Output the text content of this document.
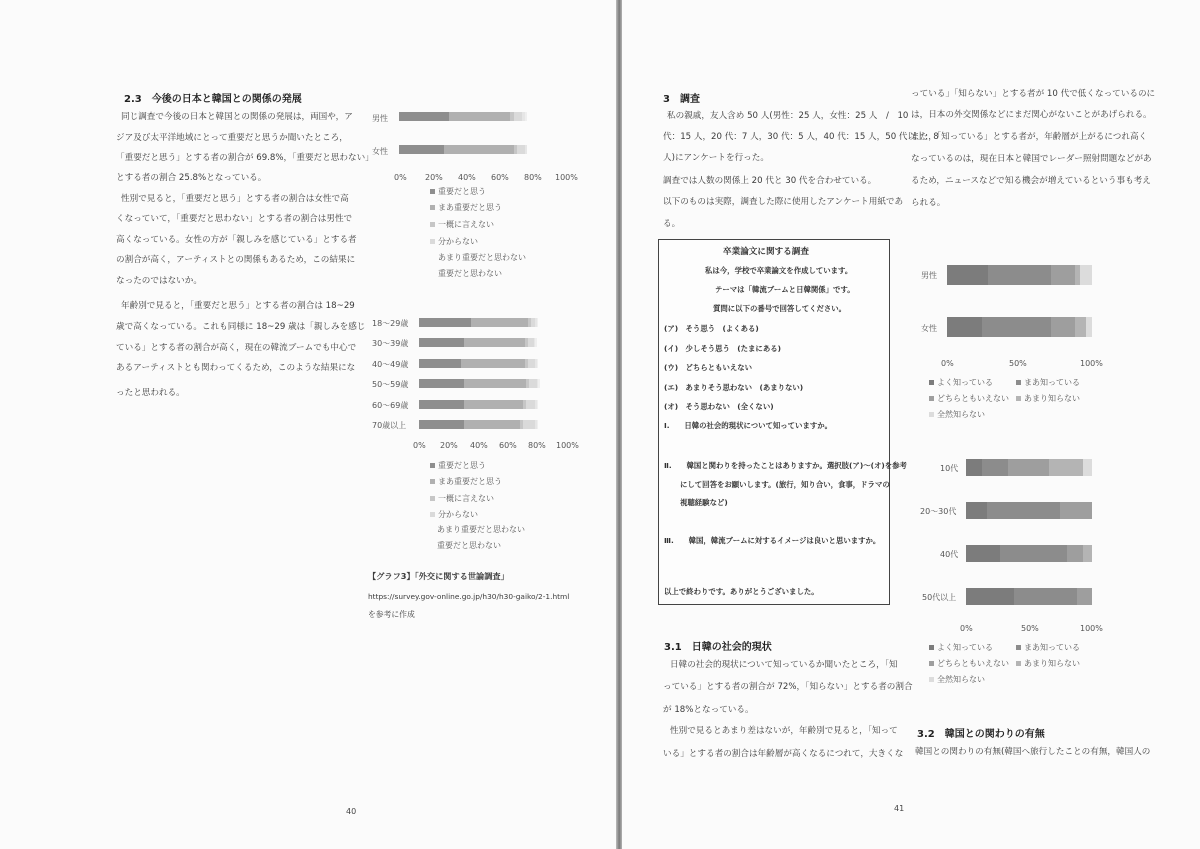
2.3　今後の日本と韓国との関係の発展
同じ調査で今後の日本と韓国との関係の発展は，両国や，ア
ジア及び太平洋地域にとって重要だと思うか聞いたところ，
「重要だと思う」とする者の割合が 69.8%，「重要だと思わない」
とする者の割合 25.8%となっている。
性別で見ると，「重要だと思う」とする者の割合は女性で高
くなっていて，「重要だと思わない」とする者の割合は男性で
高くなっている。女性の方が「親しみを感じている」とする者
の割合が高く，アーティストとの関係もあるため，この結果に
なったのではないか。
年齢別で見ると，「重要だと思う」とする者の割合は 18~29
歳で高くなっている。これも同様に 18~29 歳は「親しみを感じ
ている」とする者の割合が高く，現在の韓流ブームでも中心で
あるアーティストとも関わってくるため，このような結果にな
ったと思われる。
男性
女性
0% 20% 40% 60% 80% 100%
重要だと思う
まあ重要だと思う
一概に言えない
分からない
あまり重要だと思わない
重要だと思わない
18～29歳
30～39歳
40～49歳
50～59歳
60～69歳
70歳以上
0% 20% 40% 60% 80% 100%
重要だと思う
まあ重要だと思う
一概に言えない
分からない
あまり重要だと思わない
重要だと思わない
【グラフ3】「外交に関する世論調査」
https://survey.gov-online.go.jp/h30/h30-gaiko/2-1.html
を参考に作成
40
3　調査
私の親戚，友人含め 50 人(男性：25 人，女性：25 人　/　10
代：15 人，20 代：7 人，30 代：5 人，40 代：15 人，50 代以上：8
人)にアンケートを行った。
調査では人数の関係上 20 代と 30 代を合わせている。
以下のものは実際，調査した際に使用したアンケート用紙であ
る。
卒業論文に関する調査
私は今，学校で卒業論文を作成しています。
テーマは「韓流ブームと日韓関係」です。
質問に以下の番号で回答してください。
(ア)　そう思う　(よくある)
(イ)　少しそう思う　(たまにある)
(ウ)　どちらともいえない
(エ)　あまりそう思わない　(あまりない)
(オ)　そう思わない　(全くない)
Ⅰ.　　日韓の社会的現状について知っていますか。
Ⅱ.　　韓国と関わりを持ったことはありますか。選択肢(ア)～(オ)を参考
にして回答をお願いします。(旅行，知り合い，食事，ドラマの
視聴経験など)
Ⅲ.　　韓国，韓流ブームに対するイメージは良いと思いますか。
以上で終わりです。ありがとうございました。
3.1　日韓の社会的現状
日韓の社会的現状について知っているか聞いたところ，「知
っている」とする者の割合が 72%，「知らない」とする者の割合
が 18%となっている。
性別で見るとあまり差はないが，年齢別で見ると，「知って
いる」とする者の割合は年齢層が高くなるにつれて，大きくな
っている」「知らない」とする者が 10 代で低くなっているのに
は，日本の外交関係などにまだ関心がないことがあげられる。
また，「知っている」とする者が，年齢層が上がるにつれ高く
なっているのは，現在日本と韓国でレーダー照射問題などがあ
るため，ニュースなどで知る機会が増えているという事も考え
られる。
男性
女性
0%	50%	100%
よく知っている	まあ知っている
どちらともいえない	あまり知らない
全然知らない
10代
20～30代
40代
50代以上
0%	50%	100%
よく知っている	まあ知っている
どちらともいえない	あまり知らない
全然知らない
3.2　韓国との関わりの有無
韓国との関わりの有無(韓国へ旅行したことの有無，韓国人の
41
